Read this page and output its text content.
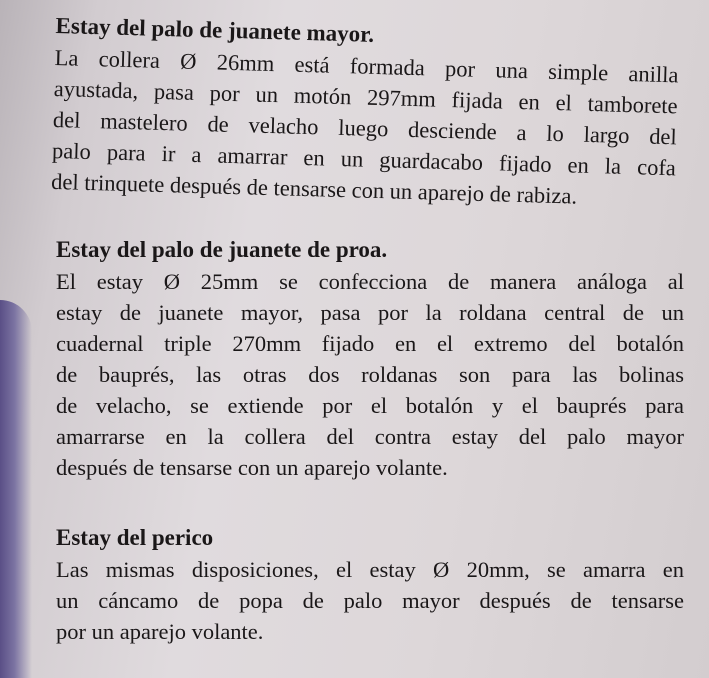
Estay del palo de juanete mayor.

La collera Ø 26mm está formada por una simple anilla
ayustada, pasa por un motón 297mm fijada en el tamborete
del mastelero de velacho luego desciende a lo largo del
palo para ir a amarrar en un guardacabo fijado en la cofa
del trinquete después de tensarse con un aparejo de rabiza.

Estay del palo de juanete de proa.

El estay Ø 25mm se confecciona de manera análoga al
estay de juanete mayor, pasa por la roldana central de un
cuadernal triple 270mm fijado en el extremo del botalón
de bauprés, las otras dos roldanas son para las bolinas
de velacho, se extiende por el botalón y el bauprés para
amarrarse en la collera del contra estay del palo mayor
después de tensarse con un aparejo volante.

Estay del perico

Las mismas disposiciones, el estay Ø 20mm, se amarra en
un cáncamo de popa de palo mayor después de tensarse
por un aparejo volante.
